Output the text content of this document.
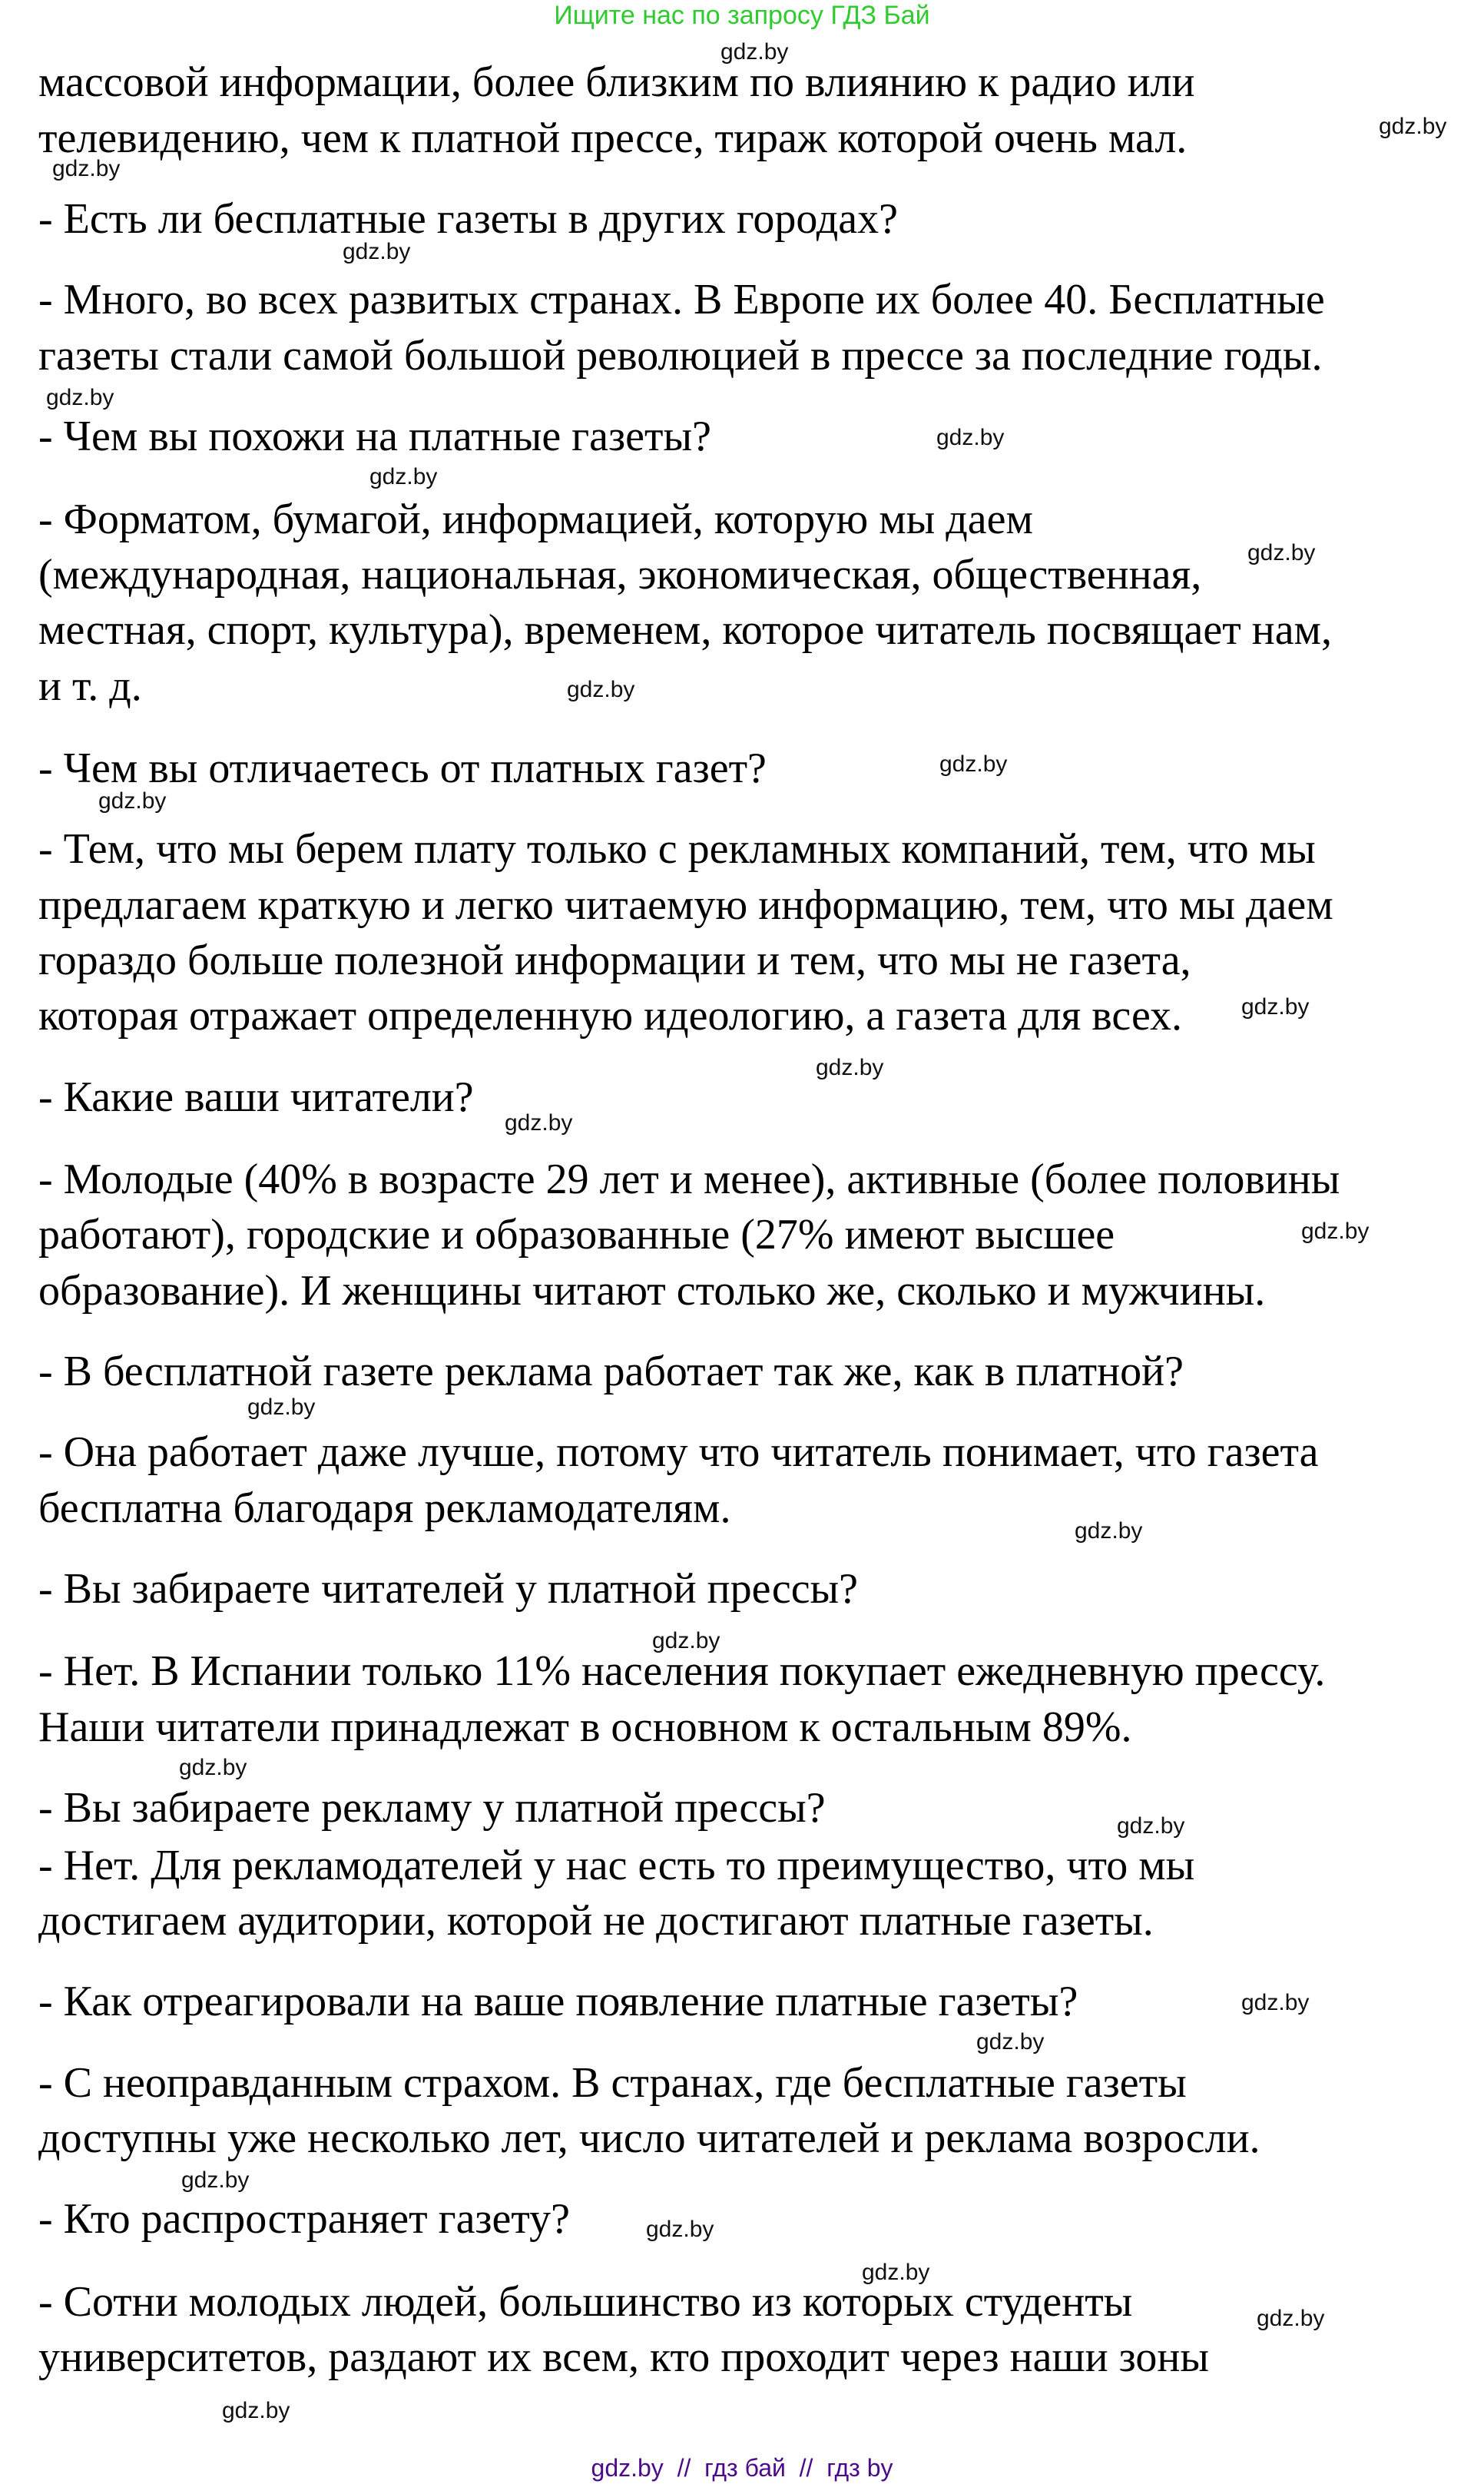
Ищите нас по запросу ГДЗ Бай
массовой информации, более близким по влиянию к радио или
телевидению, чем к платной прессе, тираж которой очень мал.
- Есть ли бесплатные газеты в других городах?
- Много, во всех развитых странах. В Европе их более 40. Бесплатные
газеты стали самой большой революцией в прессе за последние годы.
- Чем вы похожи на платные газеты?
- Форматом, бумагой, информацией, которую мы даем
(международная, национальная, экономическая, общественная,
местная, спорт, культура), временем, которое читатель посвящает нам,
и т. д.
- Чем вы отличаетесь от платных газет?
- Тем, что мы берем плату только с рекламных компаний, тем, что мы
предлагаем краткую и легко читаемую информацию, тем, что мы даем
гораздо больше полезной информации и тем, что мы не газета,
которая отражает определенную идеологию, а газета для всех.
- Какие ваши читатели?
- Молодые (40% в возрасте 29 лет и менее), активные (более половины
работают), городские и образованные (27% имеют высшее
образование). И женщины читают столько же, сколько и мужчины.
- В бесплатной газете реклама работает так же, как в платной?
- Она работает даже лучше, потому что читатель понимает, что газета
бесплатна благодаря рекламодателям.
- Вы забираете читателей у платной прессы?
- Нет. В Испании только 11% населения покупает ежедневную прессу.
Наши читатели принадлежат в основном к остальным 89%.
- Вы забираете рекламу у платной прессы?
- Нет. Для рекламодателей у нас есть то преимущество, что мы
достигаем аудитории, которой не достигают платные газеты.
- Как отреагировали на ваше появление платные газеты?
- С неоправданным страхом. В странах, где бесплатные газеты
доступны уже несколько лет, число читателей и реклама возросли.
- Кто распространяет газету?
- Сотни молодых людей, большинство из которых студенты
университетов, раздают их всем, кто проходит через наши зоны
gdz.by
gdz.by
gdz.by
gdz.by
gdz.by
gdz.by
gdz.by
gdz.by
gdz.by
gdz.by
gdz.by
gdz.by
gdz.by
gdz.by
gdz.by
gdz.by
gdz.by
gdz.by
gdz.by
gdz.by
gdz.by
gdz.by
gdz.by
gdz.by
gdz.by
gdz.by
gdz.by
gdz.by  //  гдз бай  //  гдз by
